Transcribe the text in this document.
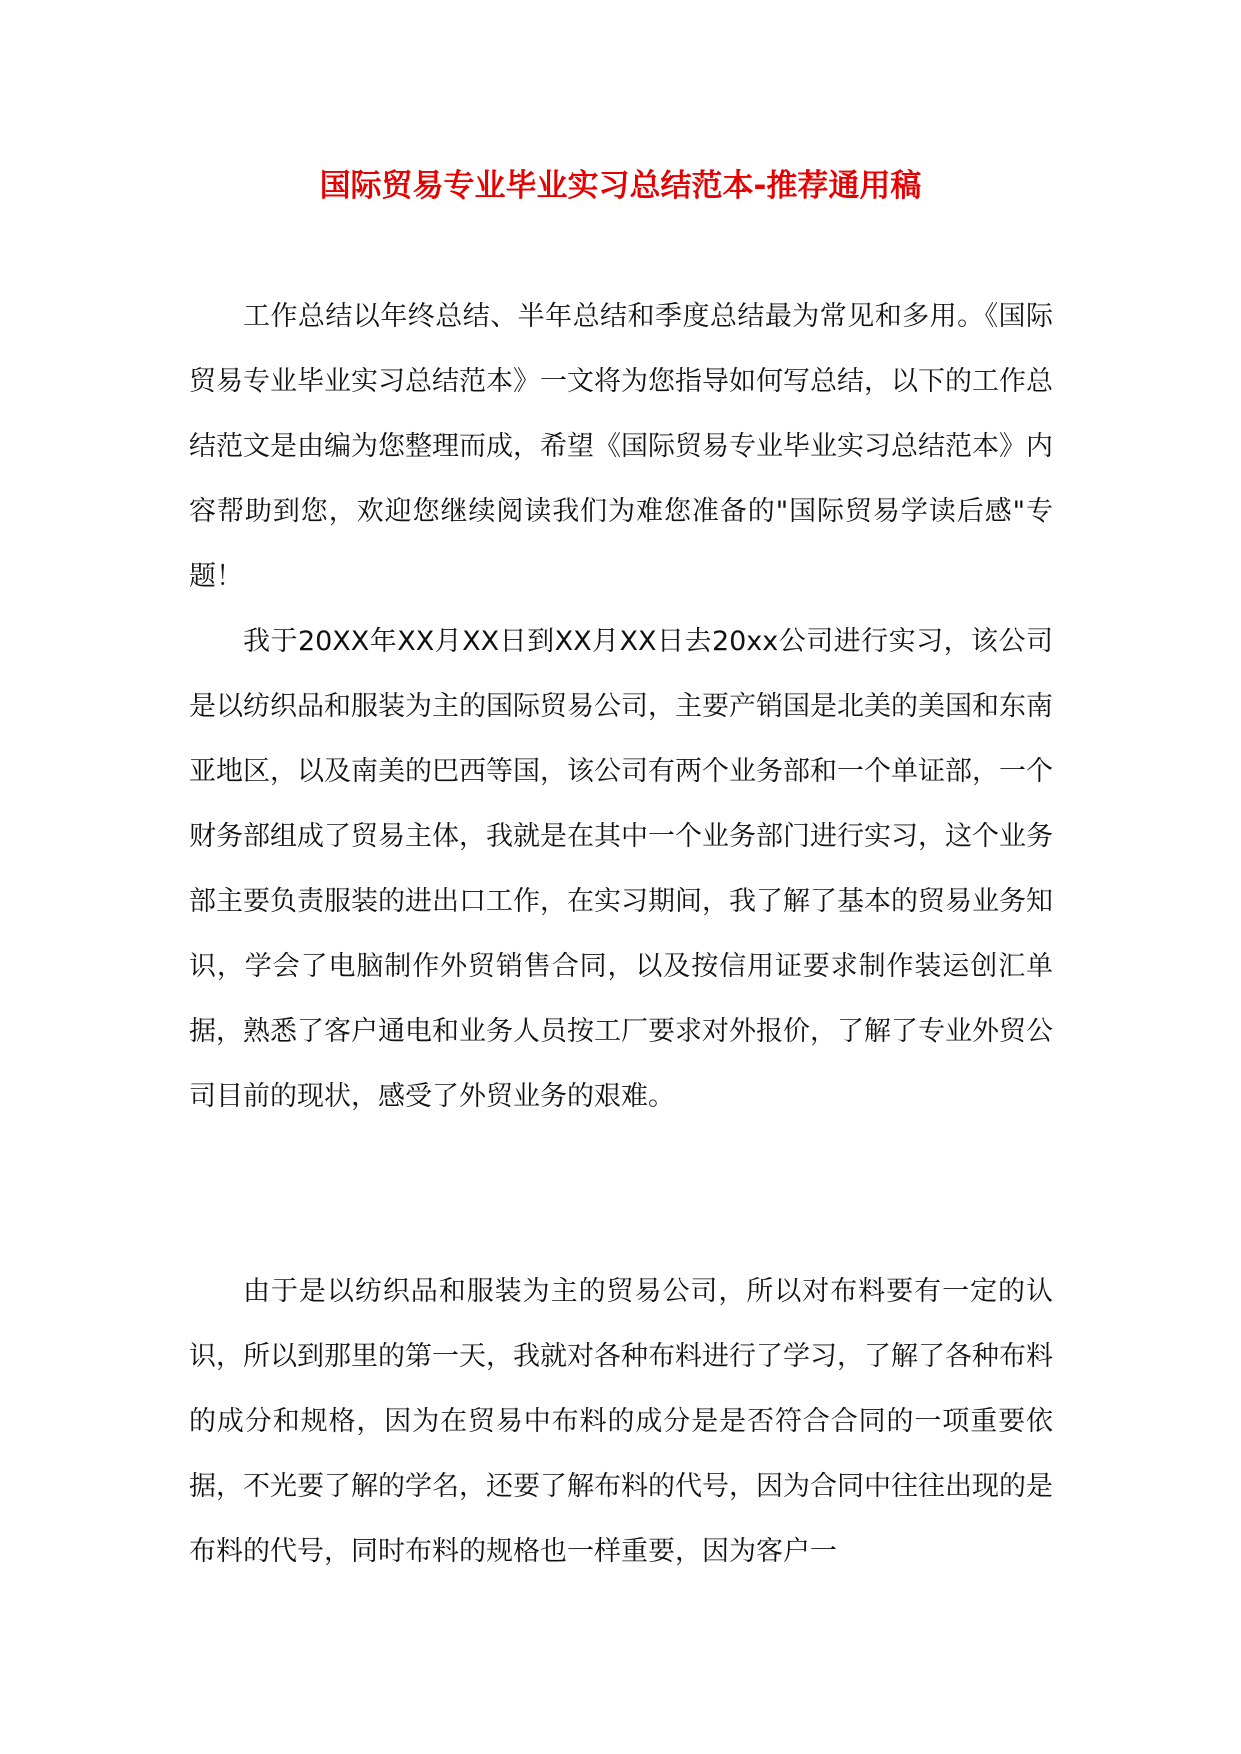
国际贸易专业毕业实习总结范本-推荐通用稿

工作总结以年终总结、半年总结和季度总结最为常见和多用。《国际贸易专业毕业实习总结范本》一文将为您指导如何写总结，以下的工作总结范文是由编为您整理而成，希望《国际贸易专业毕业实习总结范本》内容帮助到您，欢迎您继续阅读我们为难您准备的"国际贸易学读后感"专题！

我于20XX年XX月XX日到XX月XX日去20xx公司进行实习，该公司是以纺织品和服装为主的国际贸易公司，主要产销国是北美的美国和东南亚地区，以及南美的巴西等国，该公司有两个业务部和一个单证部，一个财务部组成了贸易主体，我就是在其中一个业务部门进行实习，这个业务部主要负责服装的进出口工作，在实习期间，我了解了基本的贸易业务知识，学会了电脑制作外贸销售合同，以及按信用证要求制作装运创汇单据，熟悉了客户通电和业务人员按工厂要求对外报价，了解了专业外贸公司目前的现状，感受了外贸业务的艰难。

由于是以纺织品和服装为主的贸易公司，所以对布料要有一定的认识，所以到那里的第一天，我就对各种布料进行了学习，了解了各种布料的成分和规格，因为在贸易中布料的成分是是否符合合同的一项重要依据，不光要了解的学名，还要了解布料的代号，因为合同中往往出现的是布料的代号，同时布料的规格也一样重要，因为客户一
